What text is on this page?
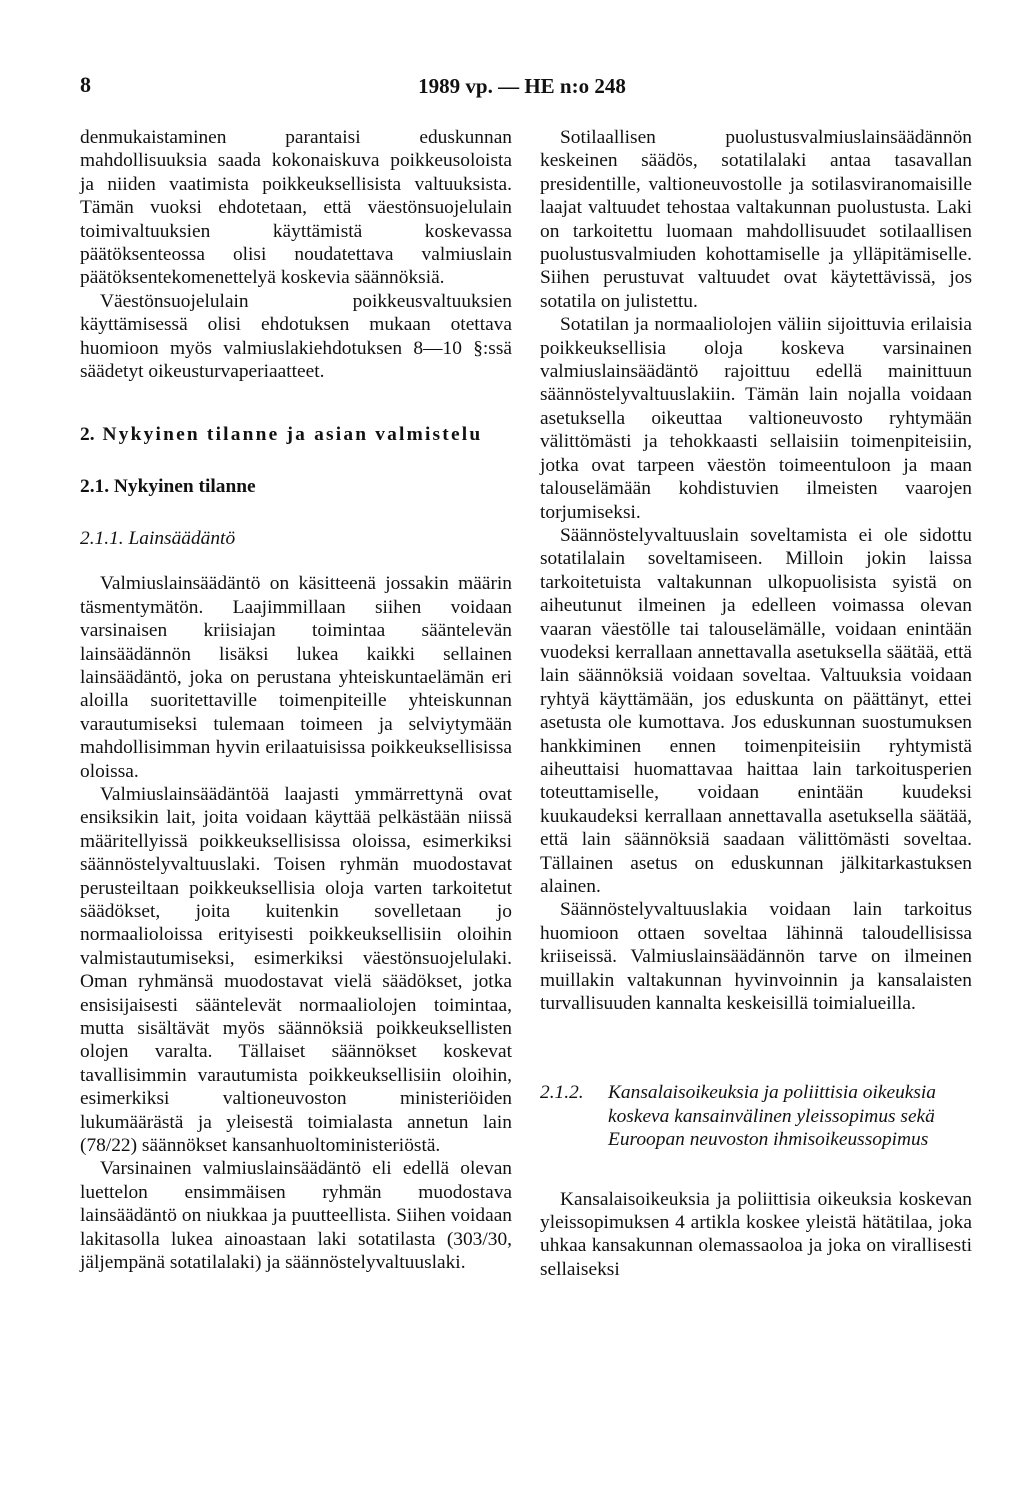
8	1989 vp. — HE n:o 248

denmukaistaminen parantaisi eduskunnan mahdollisuuksia saada kokonaiskuva poikkeusoloista ja niiden vaatimista poikkeuksellisista valtuuksista. Tämän vuoksi ehdotetaan, että väestönsuojelulain toimivaltuuksien käyttämistä koskevassa päätöksenteossa olisi noudatettava valmiuslain päätöksentekomenettelyä koskevia säännöksiä.

Väestönsuojelulain poikkeusvaltuuksien käyttämisessä olisi ehdotuksen mukaan otettava huomioon myös valmiuslakiehdotuksen 8—10 §:ssä säädetyt oikeusturvaperiaatteet.

2. Nykyinen tilanne ja asian valmistelu
2.1. Nykyinen tilanne
2.1.1. Lainsäädäntö

Valmiuslainsäädäntö on käsitteenä jossakin määrin täsmentymätön. Laajimmillaan siihen voidaan varsinaisen kriisiajan toimintaa sääntelevän lainsäädännön lisäksi lukea kaikki sellainen lainsäädäntö, joka on perustana yhteiskuntaelämän eri aloilla suoritettaville toimenpiteille yhteiskunnan varautumiseksi tulemaan toimeen ja selviytymään mahdollisimman hyvin erilaatuisissa poikkeuksellisissa oloissa.

Valmiuslainsäädäntöä laajasti ymmärrettynä ovat ensiksikin lait, joita voidaan käyttää pelkästään niissä määritellyissä poikkeuksellisissa oloissa, esimerkiksi säännöstelyvaltuuslaki. Toisen ryhmän muodostavat perusteiltaan poikkeuksellisia oloja varten tarkoitetut säädökset, joita kuitenkin sovelletaan jo normaalioloissa erityisesti poikkeuksellisiin oloihin valmistautumiseksi, esimerkiksi väestönsuojelulaki. Oman ryhmänsä muodostavat vielä säädökset, jotka ensisijaisesti sääntelevät normaaliolojen toimintaa, mutta sisältävät myös säännöksiä poikkeuksellisten olojen varalta. Tällaiset säännökset koskevat tavallisimmin varautumista poikkeuksellisiin oloihin, esimerkiksi valtioneuvoston ministeriöiden lukumäärästä ja yleisestä toimialasta annetun lain (78/22) säännökset kansanhuoltoministeriöstä.

Varsinainen valmiuslainsäädäntö eli edellä olevan luettelon ensimmäisen ryhmän muodostava lainsäädäntö on niukkaa ja puutteellista. Siihen voidaan lakitasolla lukea ainoastaan laki sotatilasta (303/30, jäljempänä sotatilalaki) ja säännöstelyvaltuuslaki.

Sotilaallisen puolustusvalmiuslainsäädännön keskeinen säädös, sotatilalaki antaa tasavallan presidentille, valtioneuvostolle ja sotilasviranomaisille laajat valtuudet tehostaa valtakunnan puolustusta. Laki on tarkoitettu luomaan mahdollisuudet sotilaallisen puolustusvalmiuden kohottamiselle ja ylläpitämiselle. Siihen perustuvat valtuudet ovat käytettävissä, jos sotatila on julistettu.

Sotatilan ja normaaliolojen väliin sijoittuvia erilaisia poikkeuksellisia oloja koskeva varsinainen valmiuslainsäädäntö rajoittuu edellä mainittuun säännöstelyvaltuuslakiin. Tämän lain nojalla voidaan asetuksella oikeuttaa valtioneuvosto ryhtymään välittömästi ja tehokkaasti sellaisiin toimenpiteisiin, jotka ovat tarpeen väestön toimeentuloon ja maan talouselämään kohdistuvien ilmeisten vaarojen torjumiseksi.

Säännöstelyvaltuuslain soveltamista ei ole sidottu sotatilalain soveltamiseen. Milloin jokin laissa tarkoitetuista valtakunnan ulkopuolisista syistä on aiheutunut ilmeinen ja edelleen voimassa olevan vaaran väestölle tai talouselämälle, voidaan enintään vuodeksi kerrallaan annettavalla asetuksella säätää, että lain säännöksiä voidaan soveltaa. Valtuuksia voidaan ryhtyä käyttämään, jos eduskunta on päättänyt, ettei asetusta ole kumottava. Jos eduskunnan suostumuksen hankkiminen ennen toimenpiteisiin ryhtymistä aiheuttaisi huomattavaa haittaa lain tarkoitusperien toteuttamiselle, voidaan enintään kuudeksi kuukaudeksi kerrallaan annettavalla asetuksella säätää, että lain säännöksiä saadaan välittömästi soveltaa. Tällainen asetus on eduskunnan jälkitarkastuksen alainen.

Säännöstelyvaltuuslakia voidaan lain tarkoitus huomioon ottaen soveltaa lähinnä taloudellisissa kriiseissä. Valmiuslainsäädännön tarve on ilmeinen muillakin valtakunnan hyvinvoinnin ja kansalaisten turvallisuuden kannalta keskeisillä toimialueilla.

2.1.2.	Kansalaisoikeuksia ja poliittisia oikeuksia koskeva kansainvälinen yleissopimus sekä Euroopan neuvoston ihmisoikeussopimus

Kansalaisoikeuksia ja poliittisia oikeuksia koskevan yleissopimuksen 4 artikla koskee yleistä hätätilaa, joka uhkaa kansakunnan olemassaoloa ja joka on virallisesti sellaiseksi
